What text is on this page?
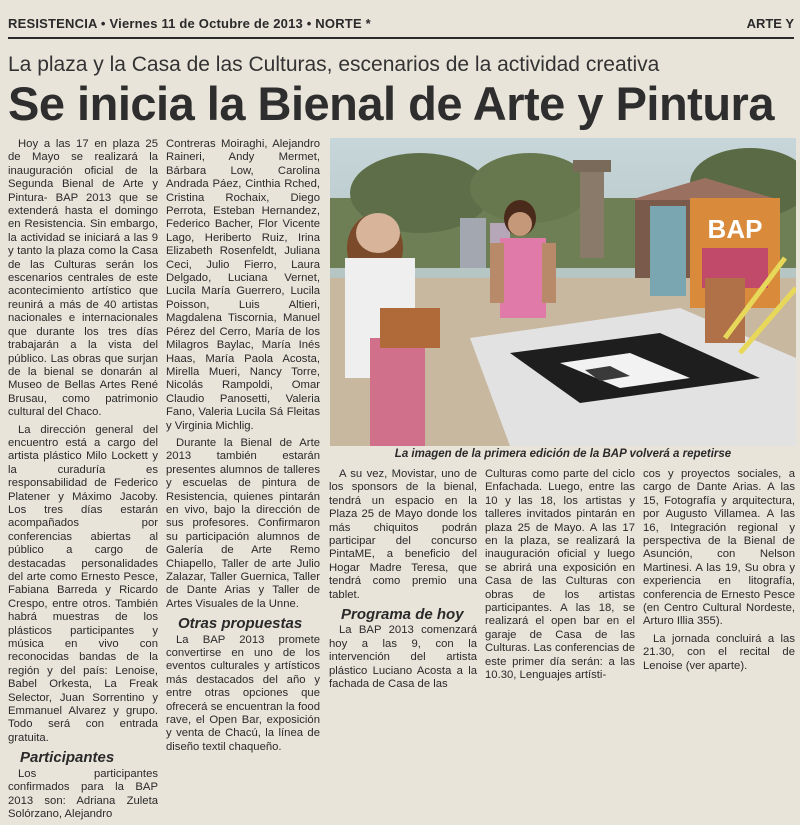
RESISTENCIA • Viernes 11 de Octubre de 2013 • NORTE *	ARTE Y
La plaza y la Casa de las Culturas, escenarios de la actividad creativa
Se inicia la Bienal de Arte y Pintura

Hoy a las 17 en plaza 25 de Mayo se realizará la inauguración oficial de la Segunda Bienal de Arte y Pintura- BAP 2013 que se extenderá hasta el domingo en Resistencia. Sin embargo, la actividad se iniciará a las 9 y tanto la plaza como la Casa de las Culturas serán los escenarios centrales de este acontecimiento artístico que reunirá a más de 40 artistas nacionales e internacionales que durante los tres días trabajarán a la vista del público. Las obras que surjan de la bienal se donarán al Museo de Bellas Artes René Brusau, como patrimonio cultural del Chaco.

La dirección general del encuentro está a cargo del artista plástico Milo Lockett y la curaduría es responsabilidad de Federico Platener y Máximo Jacoby. Los tres días estarán acompañados por conferencias abiertas al público a cargo de destacadas personalidades del arte como Ernesto Pesce, Fabiana Barreda y Ricardo Crespo, entre otros. También habrá muestras de los plásticos participantes y música en vivo con reconocidas bandas de la región y del país: Lenoise, Babel Orkesta, La Freak Selector, Juan Sorrentino y Emmanuel Alvarez y grupo. Todo será con entrada gratuita.

Participantes

Los participantes confirmados para la BAP 2013 son: Adriana Zuleta Solórzano, Alejandro

Contreras Moiraghi, Alejandro Raineri, Andy Mermet, Bárbara Low, Carolina Andrada Páez, Cinthia Rched, Cristina Rochaix, Diego Perrota, Esteban Hernandez, Federico Bacher, Flor Vicente Lago, Heriberto Ruiz, Irina Elizabeth Rosenfeldt, Juliana Ceci, Julio Fierro, Laura Delgado, Luciana Vernet, Lucila María Guerrero, Lucila Poisson, Luis Altieri, Magdalena Tiscornia, Manuel Pérez del Cerro, María de los Milagros Baylac, María Inés Haas, María Paola Acosta, Mirella Mueri, Nancy Torre, Nicolás Rampoldi, Omar Claudio Panosetti, Valeria Fano, Valeria Lucila Sá Fleitas y Virginia Michlig.

Durante la Bienal de Arte 2013 también estarán presentes alumnos de talleres y escuelas de pintura de Resistencia, quienes pintarán en vivo, bajo la dirección de sus profesores. Confirmaron su participación alumnos de Galería de Arte Remo Chiapello, Taller de arte Julio Zalazar, Taller Guernica, Taller de Dante Arias y Taller de Artes Visuales de la Unne.

Otras propuestas

La BAP 2013 promete convertirse en uno de los eventos culturales y artísticos más destacados del año y entre otras opciones que ofrecerá se encuentran la food rave, el Open Bar, exposición y venta de Chacú, la línea de diseño textil chaqueño.

BAP
La imagen de la primera edición de la BAP volverá a repetirse

A su vez, Movistar, uno de los sponsors de la bienal, tendrá un espacio en la Plaza 25 de Mayo donde los más chiquitos podrán participar del concurso PintaME, a beneficio del Hogar Madre Teresa, que tendrá como premio una tablet.

Programa de hoy

La BAP 2013 comenzará hoy a las 9, con la intervención del artista plástico Luciano Acosta a la fachada de Casa de las

Culturas como parte del ciclo Enfachada. Luego, entre las 10 y las 18, los artistas y talleres invitados pintarán en plaza 25 de Mayo. A las 17 en la plaza, se realizará la inauguración oficial y luego se abrirá una exposición en Casa de las Culturas con obras de los artistas participantes. A las 18, se realizará el open bar en el garaje de Casa de las Culturas. Las conferencias de este primer día serán: a las 10.30, Lenguajes artísti-

cos y proyectos sociales, a cargo de Dante Arias. A las 15, Fotografía y arquitectura, por Augusto Villamea. A las 16, Integración regional y perspectiva de la Bienal de Asunción, con Nelson Martinesi. A las 19, Su obra y experiencia en litografía, conferencia de Ernesto Pesce (en Centro Cultural Nordeste, Arturo Illia 355).

La jornada concluirá a las 21.30, con el recital de Lenoise (ver aparte).
